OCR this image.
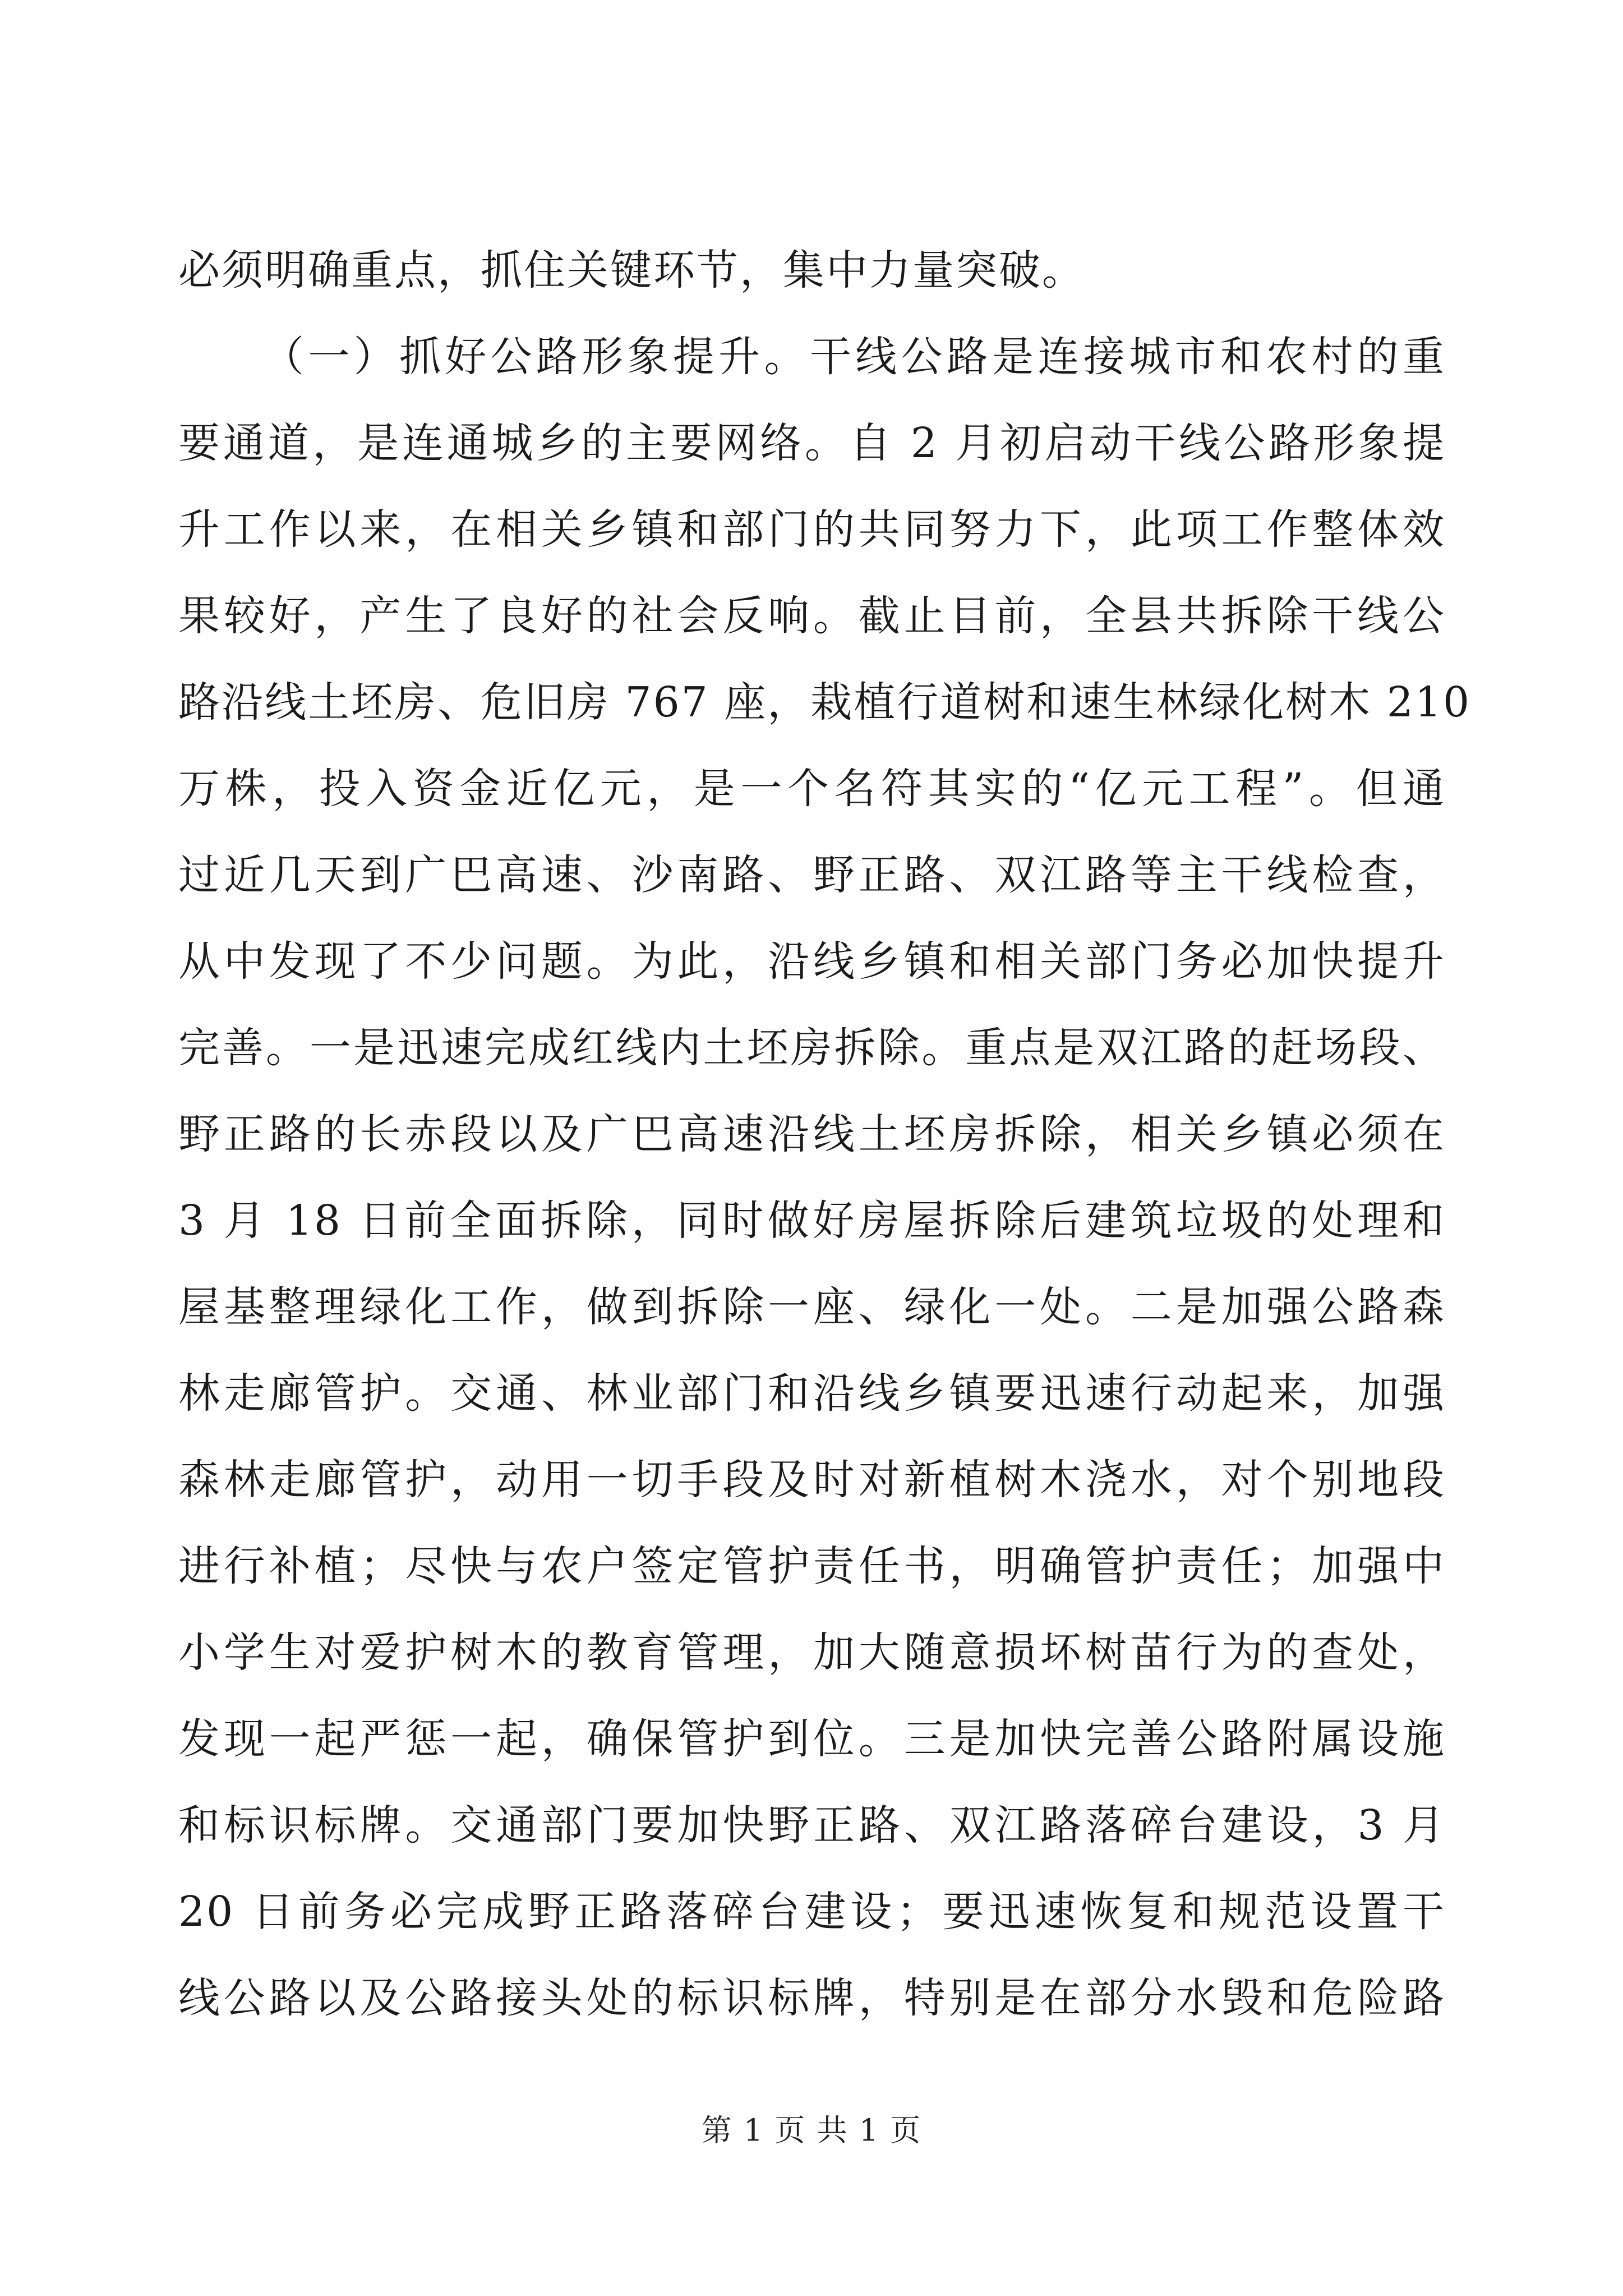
必须明确重点，抓住关键环节，集中力量突破。
（一）抓好公路形象提升。干线公路是连接城市和农村的重
要通道，是连通城乡的主要网络。自 2 月初启动干线公路形象提
升工作以来，在相关乡镇和部门的共同努力下，此项工作整体效
果较好，产生了良好的社会反响。截止目前，全县共拆除干线公
路沿线土坯房、危旧房 767 座，栽植行道树和速生林绿化树木 210
万株，投入资金近亿元，是一个名符其实的“亿元工程”。但通
过近几天到广巴高速、沙南路、野正路、双江路等主干线检查，
从中发现了不少问题。为此，沿线乡镇和相关部门务必加快提升
完善。一是迅速完成红线内土坯房拆除。重点是双江路的赶场段、
野正路的长赤段以及广巴高速沿线土坯房拆除，相关乡镇必须在
3 月 18 日前全面拆除，同时做好房屋拆除后建筑垃圾的处理和
屋基整理绿化工作，做到拆除一座、绿化一处。二是加强公路森
林走廊管护。交通、林业部门和沿线乡镇要迅速行动起来，加强
森林走廊管护，动用一切手段及时对新植树木浇水，对个别地段
进行补植；尽快与农户签定管护责任书，明确管护责任；加强中
小学生对爱护树木的教育管理，加大随意损坏树苗行为的查处，
发现一起严惩一起，确保管护到位。三是加快完善公路附属设施
和标识标牌。交通部门要加快野正路、双江路落碎台建设，3 月
20 日前务必完成野正路落碎台建设；要迅速恢复和规范设置干
线公路以及公路接头处的标识标牌，特别是在部分水毁和危险路
第 1 页 共 1 页
